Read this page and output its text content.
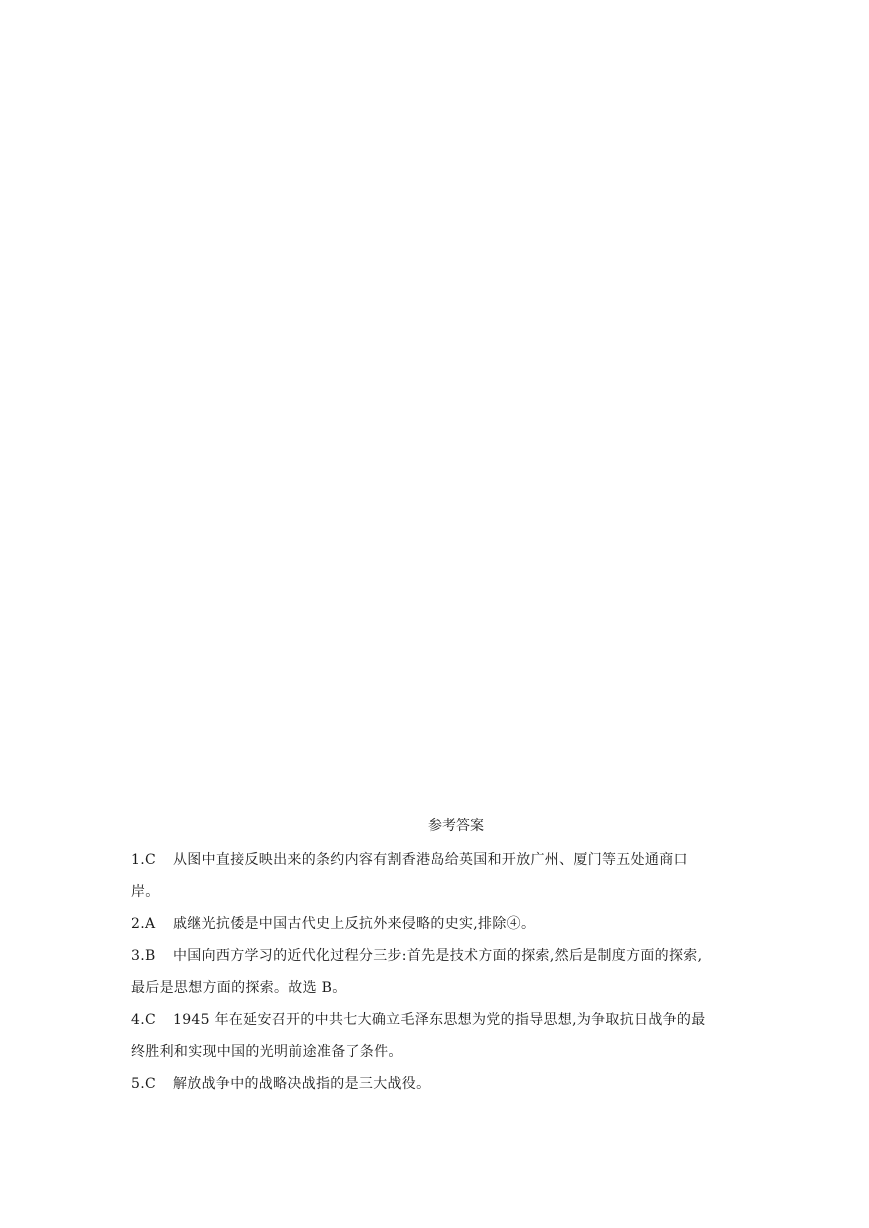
参考答案

1.C 从图中直接反映出来的条约内容有割香港岛给英国和开放广州、厦门等五处通商口

岸。

2.A 戚继光抗倭是中国古代史上反抗外来侵略的史实,排除④。

3.B 中国向西方学习的近代化过程分三步:首先是技术方面的探索,然后是制度方面的探索,

最后是思想方面的探索。故选 B。

4.C 1945 年在延安召开的中共七大确立毛泽东思想为党的指导思想,为争取抗日战争的最

终胜利和实现中国的光明前途准备了条件。

5.C 解放战争中的战略决战指的是三大战役。
